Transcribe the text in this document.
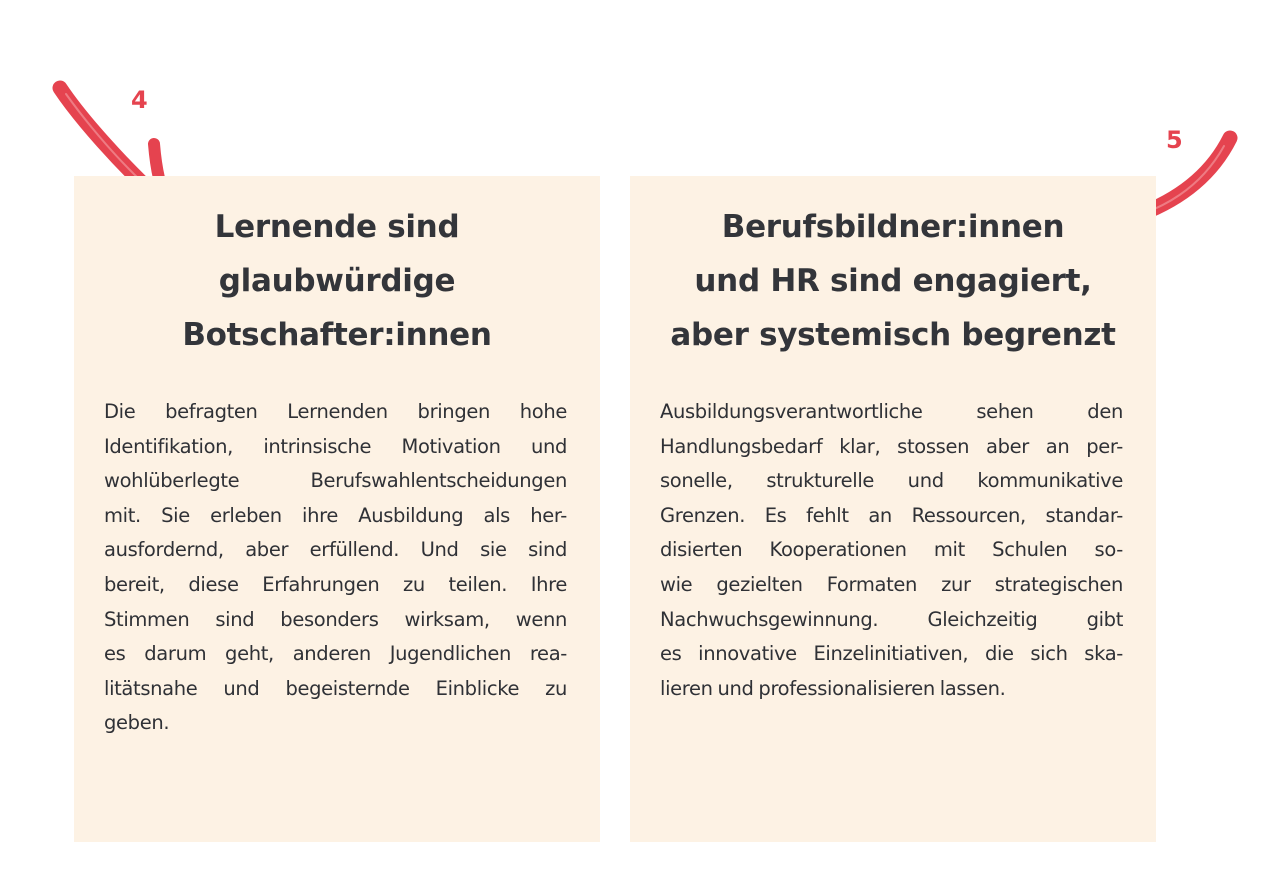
4
5
Lernende sind
glaubwürdige
Botschafter:innen

Die befragten Lernenden bringen hohe
Identifikation, intrinsische Motivation und
wohlüberlegte Berufswahlentscheidungen
mit. Sie erleben ihre Ausbildung als her-
ausfordernd, aber erfüllend. Und sie sind
bereit, diese Erfahrungen zu teilen. Ihre
Stimmen sind besonders wirksam, wenn
es darum geht, anderen Jugendlichen rea-
litätsnahe und begeisternde Einblicke zu
geben.

Berufsbildner:innen
und HR sind engagiert,
aber systemisch begrenzt

Ausbildungsverantwortliche sehen den
Handlungsbedarf klar, stossen aber an per-
sonelle, strukturelle und kommunikative
Grenzen. Es fehlt an Ressourcen, standar-
disierten Kooperationen mit Schulen so-
wie gezielten Formaten zur strategischen
Nachwuchsgewinnung. Gleichzeitig gibt
es innovative Einzelinitiativen, die sich ska-
lieren und professionalisieren lassen.
